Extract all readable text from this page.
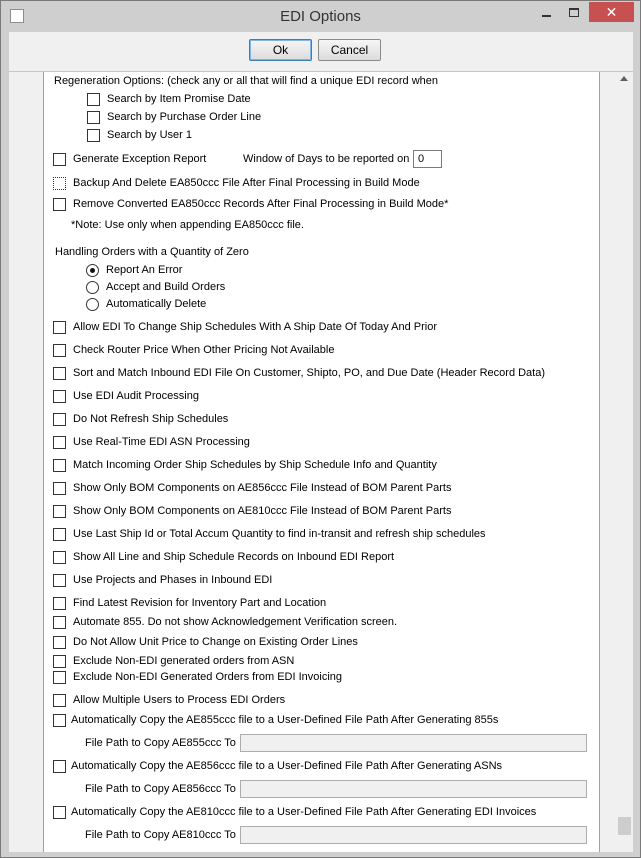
EDI Options	✕
Ok	Cancel
Regeneration Options: (check any or all that will find a unique EDI record when
Search by Item Promise Date
Search by Purchase Order Line
Search by User 1
Generate Exception Report	Window of Days to be reported on
0
Backup And Delete EA850ccc File After Final Processing in Build Mode
Remove Converted EA850ccc Records After Final Processing in Build Mode*
*Note: Use only when appending EA850ccc file.
Handling Orders with a Quantity of Zero
Report An Error
Accept and Build Orders
Automatically Delete
Allow EDI To Change Ship Schedules With A Ship Date Of Today And Prior
Check Router Price When Other Pricing Not Available
Sort and Match Inbound EDI File On Customer, Shipto, PO, and Due Date (Header Record Data)
Use EDI Audit Processing
Do Not Refresh Ship Schedules
Use Real-Time EDI ASN Processing
Match Incoming Order Ship Schedules by Ship Schedule Info and Quantity
Show Only BOM Components on AE856ccc File Instead of BOM Parent Parts
Show Only BOM Components on AE810ccc File Instead of BOM Parent Parts
Use Last Ship Id or Total Accum Quantity to find in-transit and refresh ship schedules
Show All Line and Ship Schedule Records on Inbound EDI Report
Use Projects and Phases in Inbound EDI
Find Latest Revision for Inventory Part and Location
Automate 855. Do not show Acknowledgement Verification screen.
Do Not Allow Unit Price to Change on Existing Order Lines
Exclude Non-EDI generated orders from ASN
Exclude Non-EDI Generated Orders from EDI Invoicing
Allow Multiple Users to Process EDI Orders
Automatically Copy the AE855ccc file to a User-Defined File Path After Generating 855s
File Path to Copy AE855ccc To
Automatically Copy the AE856ccc file to a User-Defined File Path After Generating ASNs
File Path to Copy AE856ccc To
Automatically Copy the AE810ccc file to a User-Defined File Path After Generating EDI Invoices
File Path to Copy AE810ccc To
